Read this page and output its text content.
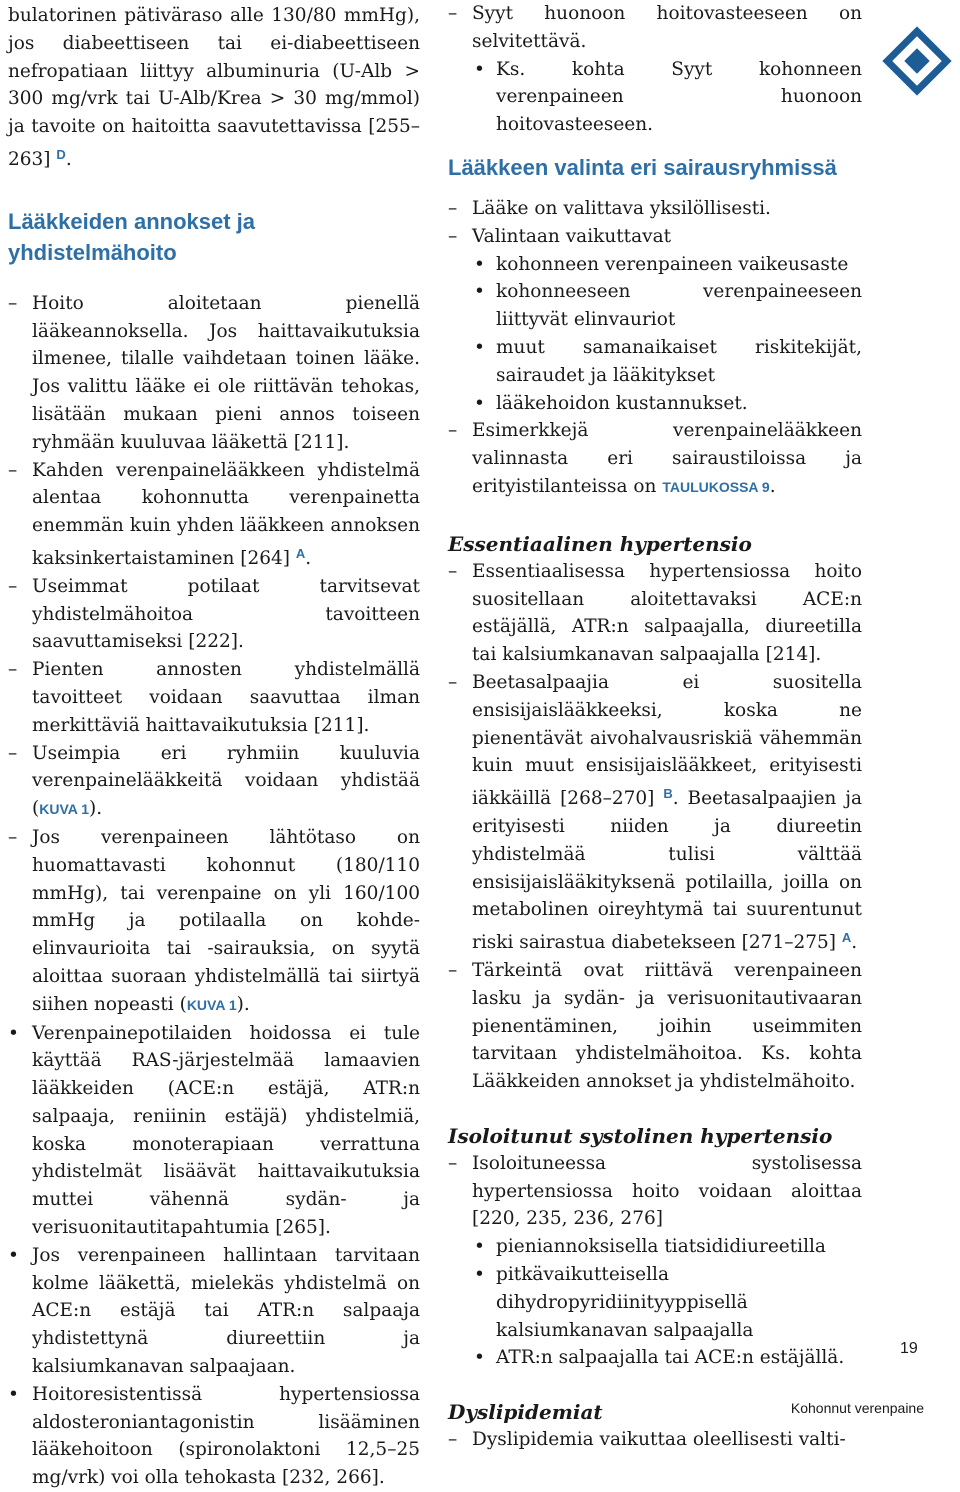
bulatorinen pätiväraso alle 130/80 mmHg), jos diabeettiseen tai ei-diabeettiseen nefropatiaan liittyy albuminuria (U-Alb > 300 mg/vrk tai U-Alb/Krea > 30 mg/mmol) ja tavoite on haitoitta saavutettavissa [255–263] $^D$.

Lääkkeiden annokset ja yhdistelmähoito

– Hoito aloitetaan pienellä lääkeannoksella. Jos haittavaikutuksia ilmenee, tilalle vaihdetaan toinen lääke. Jos valittu lääke ei ole riittävän tehokas, lisätään mukaan pieni annos toiseen ryhmään kuuluvaa lääkettä [211].

– Kahden verenpainelääkkeen yhdistelmä alentaa kohonnutta verenpainetta enemmän kuin yhden lääkkeen annoksen kaksinkertaistaminen [264] $^A$.

– Useimmat potilaat tarvitsevat yhdistelmähoitoa tavoitteen saavuttamiseksi [222].

– Pienten annosten yhdistelmällä tavoitteet voidaan saavuttaa ilman merkittäviä haittavaikutuksia [211].

– Useimpia eri ryhmiin kuuluvia verenpainelääkkeitä voidaan yhdistää (KUVA 1).

– Jos verenpaineen lähtötaso on huomattavasti kohonnut (180/110 mmHg), tai verenpaine on yli 160/100 mmHg ja potilaalla on kohde-elinvaurioita tai -sairauksia, on syytä aloittaa suoraan yhdistelmällä tai siirtyä siihen nopeasti (KUVA 1).

• Verenpainepotilaiden hoidossa ei tule käyttää RAS-järjestelmää lamaavien lääkkeiden (ACE:n estäjä, ATR:n salpaaja, reniinin estäjä) yhdistelmiä, koska monoterapiaan verrattuna yhdistelmät lisäävät haittavaikutuksia muttei vähennä sydän- ja verisuonitautitapahtumia [265].

• Jos verenpaineen hallintaan tarvitaan kolme lääkettä, mielekäs yhdistelmä on ACE:n estäjä tai ATR:n salpaaja yhdistettynä diureettiin ja kalsiumkanavan salpaajaan.

• Hoitoresistentissä hypertensiossa aldosteroniantagonistin lisääminen lääkehoitoon (spironolaktoni 12,5–25 mg/vrk) voi olla tehokasta [232, 266].

– Syyt huonoon hoitovasteeseen on selvitettävä.

• Ks. kohta Syyt kohonneen verenpaineen huonoon hoitovasteeseen.

Lääkkeen valinta eri sairausryhmissä

– Lääke on valittava yksilöllisesti.

– Valintaan vaikuttavat

• kohonneen verenpaineen vaikeusaste

• kohonneeseen verenpaineeseen liittyvät elinvauriot

• muut samanaikaiset riskitekijät, sairaudet ja lääkitykset

• lääkehoidon kustannukset.

– Esimerkkejä verenpainelääkkeen valinnasta eri sairaustiloissa ja erityistilanteissa on TAULUKOSSA 9.

Essentiaalinen hypertensio

– Essentiaalisessa hypertensiossa hoito suositellaan aloitettavaksi ACE:n estäjällä, ATR:n salpaajalla, diureetilla tai kalsiumkanavan salpaajalla [214].

– Beetasalpaajia ei suositella ensisijaislääkkeeksi, koska ne pienentävät aivohalvausriskiä vähemmän kuin muut ensisijaislääkkeet, erityisesti iäkkäillä [268–270] $^B$. Beetasalpaajien ja erityisesti niiden ja diureetin yhdistelmää tulisi välttää ensisijaislääkityksenä potilailla, joilla on metabolinen oireyhtymä tai suurentunut riski sairastua diabetekseen [271–275] $^A$.

– Tärkeintä ovat riittävä verenpaineen lasku ja sydän- ja verisuonitautivaaran pienentäminen, joihin useimmiten tarvitaan yhdistelmähoitoa. Ks. kohta Lääkkeiden annokset ja yhdistelmähoito.

Isoloitunut systolinen hypertensio

– Isoloituneessa systolisessa hypertensiossa hoito voidaan aloittaa [220, 235, 236, 276]

• pieniannoksisella tiatsididiureetilla

• pitkävaikutteisella dihydropyridiinityyppisellä kalsiumkanavan salpaajalla

• ATR:n salpaajalla tai ACE:n estäjällä.

Dyslipidemiat

– Dyslipidemia vaikuttaa oleellisesti valti-

19
Kohonnut verenpaine
